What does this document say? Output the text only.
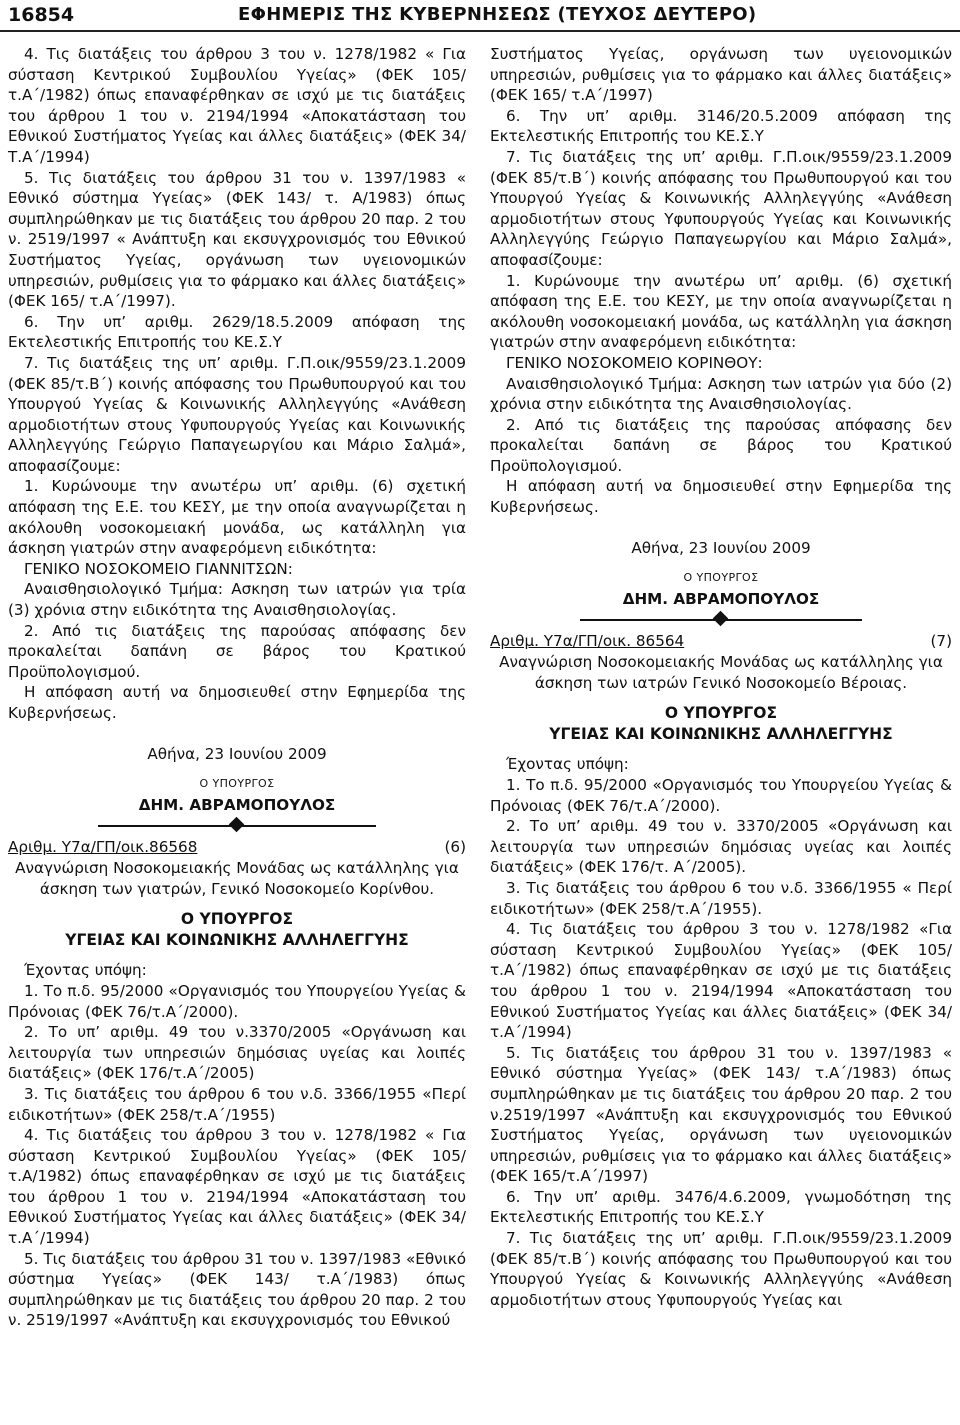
16854	ΕΦΗΜΕΡΙΣ ΤΗΣ ΚΥΒΕΡΝΗΣΕΩΣ (ΤΕΥΧΟΣ ΔΕΥΤΕΡΟ)

4. Τις διατάξεις του άρθρου 3 του ν. 1278/1982 « Για σύσταση Κεντρικού Συμβουλίου Υγείας» (ΦΕΚ 105/ τ.Α΄/1982) όπως επαναφέρθηκαν σε ισχύ με τις διατάξεις του άρθρου 1 του ν. 2194/1994 «Αποκατάσταση του Εθνικού Συστήματος Υγείας και άλλες διατάξεις» (ΦΕΚ 34/Τ.Α΄/1994)

5. Τις διατάξεις του άρθρου 31 του ν. 1397/1983 « Εθνικό σύστημα Υγείας» (ΦΕΚ 143/ τ. Α/1983) όπως συμπληρώθηκαν με τις διατάξεις του άρθρου 20 παρ. 2 του ν. 2519/1997 « Ανάπτυξη και εκσυγχρονισμός του Εθνικού Συστήματος Υγείας, οργάνωση των υγειονομικών υπηρεσιών, ρυθμίσεις για το φάρμακο και άλλες διατάξεις» (ΦΕΚ 165/ τ.Α΄/1997).

6. Την υπ’ αριθμ. 2629/18.5.2009 απόφαση της Εκτελεστικής Επιτροπής του ΚΕ.Σ.Υ

7. Τις διατάξεις της υπ’ αριθμ. Γ.Π.οικ/9559/23.1.2009 (ΦΕΚ 85/τ.Β΄) κοινής απόφασης του Πρωθυπουργού και του Υπουργού Υγείας & Κοινωνικής Αλληλεγγύης «Ανάθεση αρμοδιοτήτων στους Υφυπουργούς Υγείας και Κοινωνικής Αλληλεγγύης Γεώργιο Παπαγεωργίου και Μάριο Σαλμά», αποφασίζουμε:

1. Κυρώνουμε την ανωτέρω υπ’ αριθμ. (6) σχετική απόφαση της Ε.Ε. του ΚΕΣΥ, με την οποία αναγνωρίζεται η ακόλουθη νοσοκομειακή μονάδα, ως κατάλληλη για άσκηση γιατρών στην αναφερόμενη ειδικότητα:

ΓΕΝΙΚΟ ΝΟΣΟΚΟΜΕΙΟ ΓΙΑΝΝΙΤΣΩΝ:

Αναισθησιολογικό Τμήμα: Ασκηση των ιατρών για τρία (3) χρόνια στην ειδικότητα της Αναισθησιολογίας.

2. Από τις διατάξεις της παρούσας απόφασης δεν προκαλείται δαπάνη σε βάρος του Κρατικού Προϋπολογισμού.

Η απόφαση αυτή να δημοσιευθεί στην Εφημερίδα της Κυβερνήσεως.

Αθήνα, 23 Ιουνίου 2009

Ο ΥΠΟΥΡΓΟΣ

ΔΗΜ. ΑΒΡΑΜΟΠΟΥΛΟΣ

Αριθμ. Υ7α/ΓΠ/οικ.86568	(6)

Αναγνώριση Νοσοκομειακής Μονάδας ως κατάλληλης για άσκηση των γιατρών, Γενικό Νοσοκομείο Κορίνθου.

Ο ΥΠΟΥΡΓΟΣ

ΥΓΕΙΑΣ ΚΑΙ ΚΟΙΝΩΝΙΚΗΣ ΑΛΛΗΛΕΓΓΥΗΣ

Έχοντας υπόψη:

1. Το π.δ. 95/2000 «Οργανισμός του Υπουργείου Υγείας & Πρόνοιας (ΦΕΚ 76/τ.Α΄/2000).

2. Το υπ’ αριθμ. 49 του ν.3370/2005 «Οργάνωση και λειτουργία των υπηρεσιών δημόσιας υγείας και λοιπές διατάξεις» (ΦΕΚ 176/τ.Α΄/2005)

3. Τις διατάξεις του άρθρου 6 του ν.δ. 3366/1955 «Περί ειδικοτήτων» (ΦΕΚ 258/τ.Α΄/1955)

4. Τις διατάξεις του άρθρου 3 του ν. 1278/1982 « Για σύσταση Κεντρικού Συμβουλίου Υγείας» (ΦΕΚ 105/ τ.Α/1982) όπως επαναφέρθηκαν σε ισχύ με τις διατάξεις του άρθρου 1 του ν. 2194/1994 «Αποκατάσταση του Εθνικού Συστήματος Υγείας και άλλες διατάξεις» (ΦΕΚ 34/τ.Α΄/1994)

5. Τις διατάξεις του άρθρου 31 του ν. 1397/1983 «Εθνικό σύστημα Υγείας» (ΦΕΚ 143/ τ.Α΄/1983) όπως συμπληρώθηκαν με τις διατάξεις του άρθρου 20 παρ. 2 του ν. 2519/1997 «Ανάπτυξη και εκσυγχρονισμός του Εθνικού

Συστήματος Υγείας, οργάνωση των υγειονομικών υπηρεσιών, ρυθμίσεις για το φάρμακο και άλλες διατάξεις» (ΦΕΚ 165/ τ.Α΄/1997)

6. Την υπ’ αριθμ. 3146/20.5.2009 απόφαση της Εκτελεστικής Επιτροπής του ΚΕ.Σ.Υ

7. Τις διατάξεις της υπ’ αριθμ. Γ.Π.οικ/9559/23.1.2009 (ΦΕΚ 85/τ.Β΄) κοινής απόφασης του Πρωθυπουργού και του Υπουργού Υγείας & Κοινωνικής Αλληλεγγύης «Ανάθεση αρμοδιοτήτων στους Υφυπουργούς Υγείας και Κοινωνικής Αλληλεγγύης Γεώργιο Παπαγεωργίου και Μάριο Σαλμά», αποφασίζουμε:

1. Κυρώνουμε την ανωτέρω υπ’ αριθμ. (6) σχετική απόφαση της Ε.Ε. του ΚΕΣΥ, με την οποία αναγνωρίζεται η ακόλουθη νοσοκομειακή μονάδα, ως κατάλληλη για άσκηση γιατρών στην αναφερόμενη ειδικότητα:

ΓΕΝΙΚΟ ΝΟΣΟΚΟΜΕΙΟ ΚΟΡΙΝΘΟΥ:

Αναισθησιολογικό Τμήμα: Ασκηση των ιατρών για δύο (2) χρόνια στην ειδικότητα της Αναισθησιολογίας.

2. Από τις διατάξεις της παρούσας απόφασης δεν προκαλείται δαπάνη σε βάρος του Κρατικού Προϋπολογισμού.

Η απόφαση αυτή να δημοσιευθεί στην Εφημερίδα της Κυβερνήσεως.

Αθήνα, 23 Ιουνίου 2009

Ο ΥΠΟΥΡΓΟΣ

ΔΗΜ. ΑΒΡΑΜΟΠΟΥΛΟΣ

Αριθμ. Υ7α/ΓΠ/οικ. 86564	(7)

Αναγνώριση Νοσοκομειακής Μονάδας ως κατάλληλης για άσκηση των ιατρών Γενικό Νοσοκομείο Βέροιας.

Ο ΥΠΟΥΡΓΟΣ

ΥΓΕΙΑΣ ΚΑΙ ΚΟΙΝΩΝΙΚΗΣ ΑΛΛΗΛΕΓΓΥΗΣ

Έχοντας υπόψη:

1. Το π.δ. 95/2000 «Οργανισμός του Υπουργείου Υγείας & Πρόνοιας (ΦΕΚ 76/τ.Α΄/2000).

2. Το υπ’ αριθμ. 49 του ν. 3370/2005 «Οργάνωση και λειτουργία των υπηρεσιών δημόσιας υγείας και λοιπές διατάξεις» (ΦΕΚ 176/τ. Α΄/2005).

3. Τις διατάξεις του άρθρου 6 του ν.δ. 3366/1955 « Περί ειδικοτήτων» (ΦΕΚ 258/τ.Α΄/1955).

4. Τις διατάξεις του άρθρου 3 του ν. 1278/1982 «Για σύσταση Κεντρικού Συμβουλίου Υγείας» (ΦΕΚ 105/ τ.Α΄/1982) όπως επαναφέρθηκαν σε ισχύ με τις διατάξεις του άρθρου 1 του ν. 2194/1994 «Αποκατάσταση του Εθνικού Συστήματος Υγείας και άλλες διατάξεις» (ΦΕΚ 34/τ.Α΄/1994)

5. Τις διατάξεις του άρθρου 31 του ν. 1397/1983 « Εθνικό σύστημα Υγείας» (ΦΕΚ 143/ τ.Α΄/1983) όπως συμπληρώθηκαν με τις διατάξεις του άρθρου 20 παρ. 2 του ν.2519/1997 «Ανάπτυξη και εκσυγχρονισμός του Εθνικού Συστήματος Υγείας, οργάνωση των υγειονομικών υπηρεσιών, ρυθμίσεις για το φάρμακο και άλλες διατάξεις» (ΦΕΚ 165/τ.Α΄/1997)

6. Την υπ’ αριθμ. 3476/4.6.2009, γνωμοδότηση της Εκτελεστικής Επιτροπής του ΚΕ.Σ.Υ

7. Τις διατάξεις της υπ’ αριθμ. Γ.Π.οικ/9559/23.1.2009 (ΦΕΚ 85/τ.Β΄) κοινής απόφασης του Πρωθυπουργού και του Υπουργού Υγείας & Κοινωνικής Αλληλεγγύης «Ανάθεση αρμοδιοτήτων στους Υφυπουργούς Υγείας και
